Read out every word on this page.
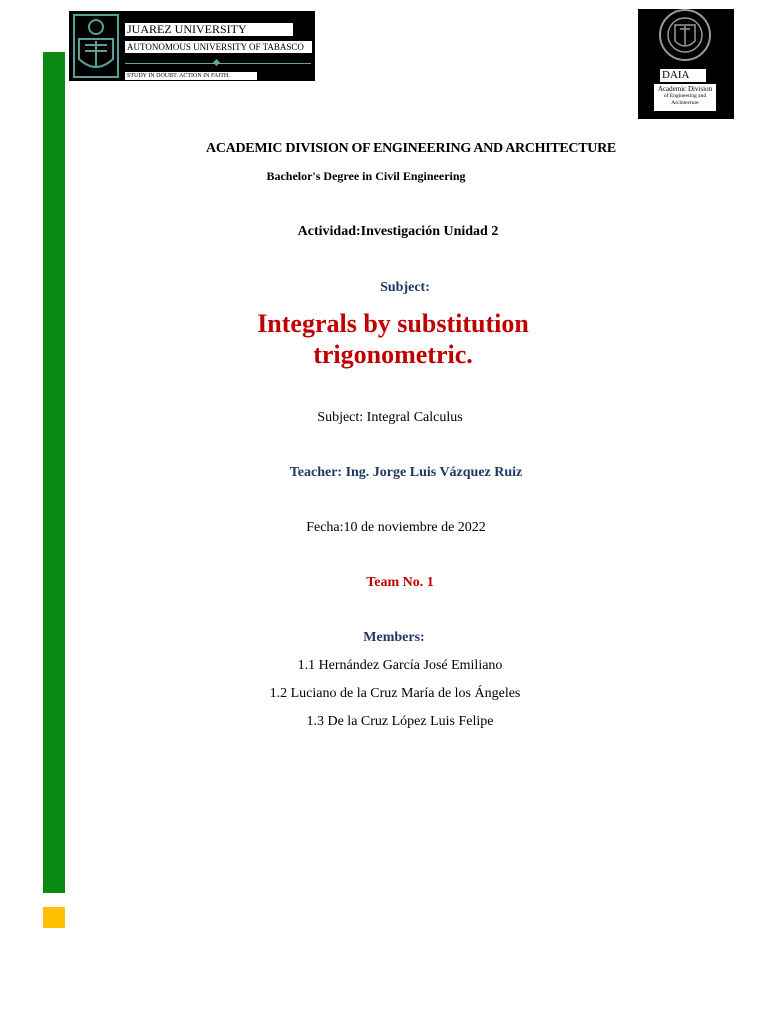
JUAREZ UNIVERSITY
AUTONOMOUS UNIVERSITY OF TABASCO
STUDY IN DOUBT. ACTION IN FAITH.	DAIA
Academic Division
of Engineering and
Architecture
ACADEMIC DIVISION OF ENGINEERING AND ARCHITECTURE
Bachelor's Degree in Civil Engineering
Actividad:Investigación Unidad 2
Subject:
Integrals by substitution
trigonometric.
Subject: Integral Calculus
Teacher: Ing. Jorge Luis Vázquez Ruiz
Fecha:10 de noviembre de 2022
Team No. 1
Members:
1.1 Hernández García José Emiliano
1.2 Luciano de la Cruz María de los Ángeles
1.3 De la Cruz López Luis Felipe
